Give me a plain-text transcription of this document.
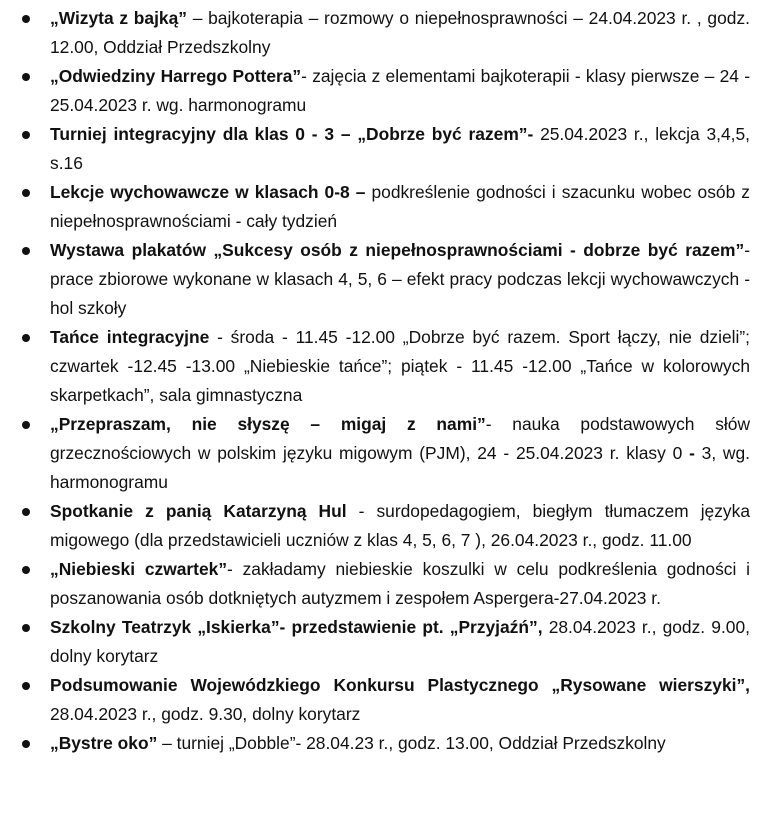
„Wizyta z bajką” – bajkoterapia – rozmowy o niepełnosprawności – 24.04.2023 r. , godz. 12.00, Oddział Przedszkolny
„Odwiedziny Harrego Pottera”- zajęcia z elementami bajkoterapii - klasy pierwsze – 24 - 25.04.2023 r. wg. harmonogramu
Turniej integracyjny dla klas 0 - 3 – „Dobrze być razem”- 25.04.2023 r., lekcja 3,4,5, s.16
Lekcje wychowawcze w klasach 0-8 – podkreślenie godności i szacunku wobec osób z niepełnosprawnościami - cały tydzień
Wystawa plakatów „Sukcesy osób z niepełnosprawnościami - dobrze być razem”- prace zbiorowe wykonane w klasach 4, 5, 6 – efekt pracy podczas lekcji wychowawczych - hol szkoły
Tańce integracyjne - środa - 11.45 -12.00 „Dobrze być razem. Sport łączy, nie dzieli”; czwartek -12.45 -13.00 „Niebieskie tańce”; piątek - 11.45 -12.00 „Tańce w kolorowych skarpetkach”, sala gimnastyczna
„Przepraszam, nie słyszę – migaj z nami”- nauka podstawowych słów grzecznościowych w polskim języku migowym (PJM), 24 - 25.04.2023 r. klasy 0 - 3, wg. harmonogramu
Spotkanie z panią Katarzyną Hul - surdopedagogiem, biegłym tłumaczem języka migowego (dla przedstawicieli uczniów z klas 4, 5, 6, 7 ), 26.04.2023 r., godz. 11.00
„Niebieski czwartek”- zakładamy niebieskie koszulki w celu podkreślenia godności i poszanowania osób dotkniętych autyzmem i zespołem Aspergera-27.04.2023 r.
Szkolny Teatrzyk „Iskierka”- przedstawienie pt. „Przyjaźń”, 28.04.2023 r., godz. 9.00, dolny korytarz
Podsumowanie Wojewódzkiego Konkursu Plastycznego „Rysowane wierszyki”, 28.04.2023 r., godz. 9.30, dolny korytarz
„Bystre oko” – turniej „Dobble”- 28.04.23 r., godz. 13.00, Oddział Przedszkolny
